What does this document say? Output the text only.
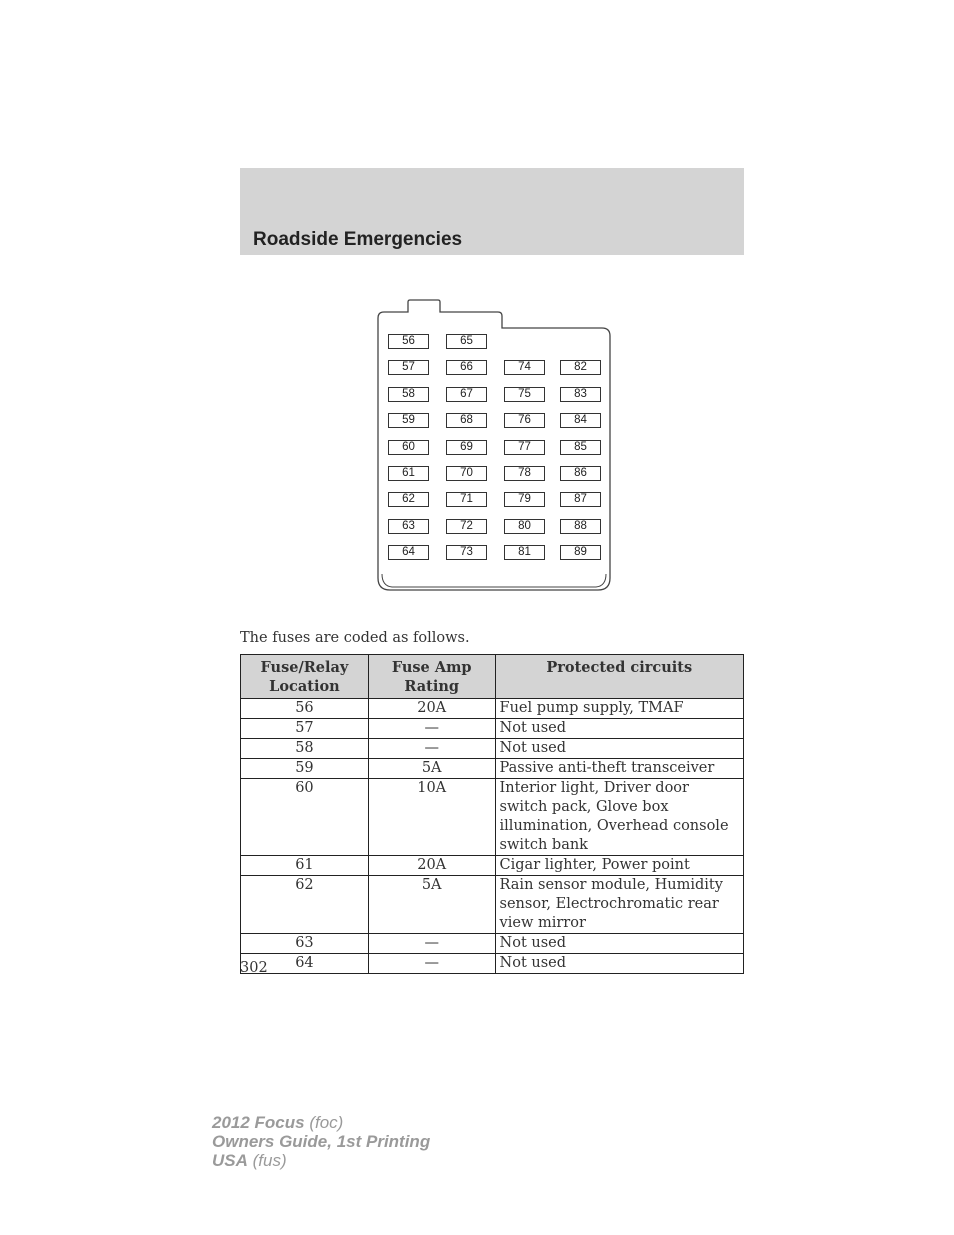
Roadside Emergencies
56
57
58
59
60
61
62
63
64
65
66
67
68
69
70
71
72
73
74
75
76
77
78
79
80
81
82
83
84
85
86
87
88
89
The fuses are coded as follows.
Fuse/Relay Location	Fuse Amp Rating	Protected circuits
56	20A	Fuel pump supply, TMAF
57	—	Not used
58	—	Not used
59	5A	Passive anti-theft transceiver
60	10A	Interior light, Driver door switch pack, Glove box illumination, Overhead console switch bank
61	20A	Cigar lighter, Power point
62	5A	Rain sensor module, Humidity sensor, Electrochromatic rear view mirror
63	—	Not used
64	—	Not used
302
2012 Focus (foc)
Owners Guide, 1st Printing
USA (fus)
